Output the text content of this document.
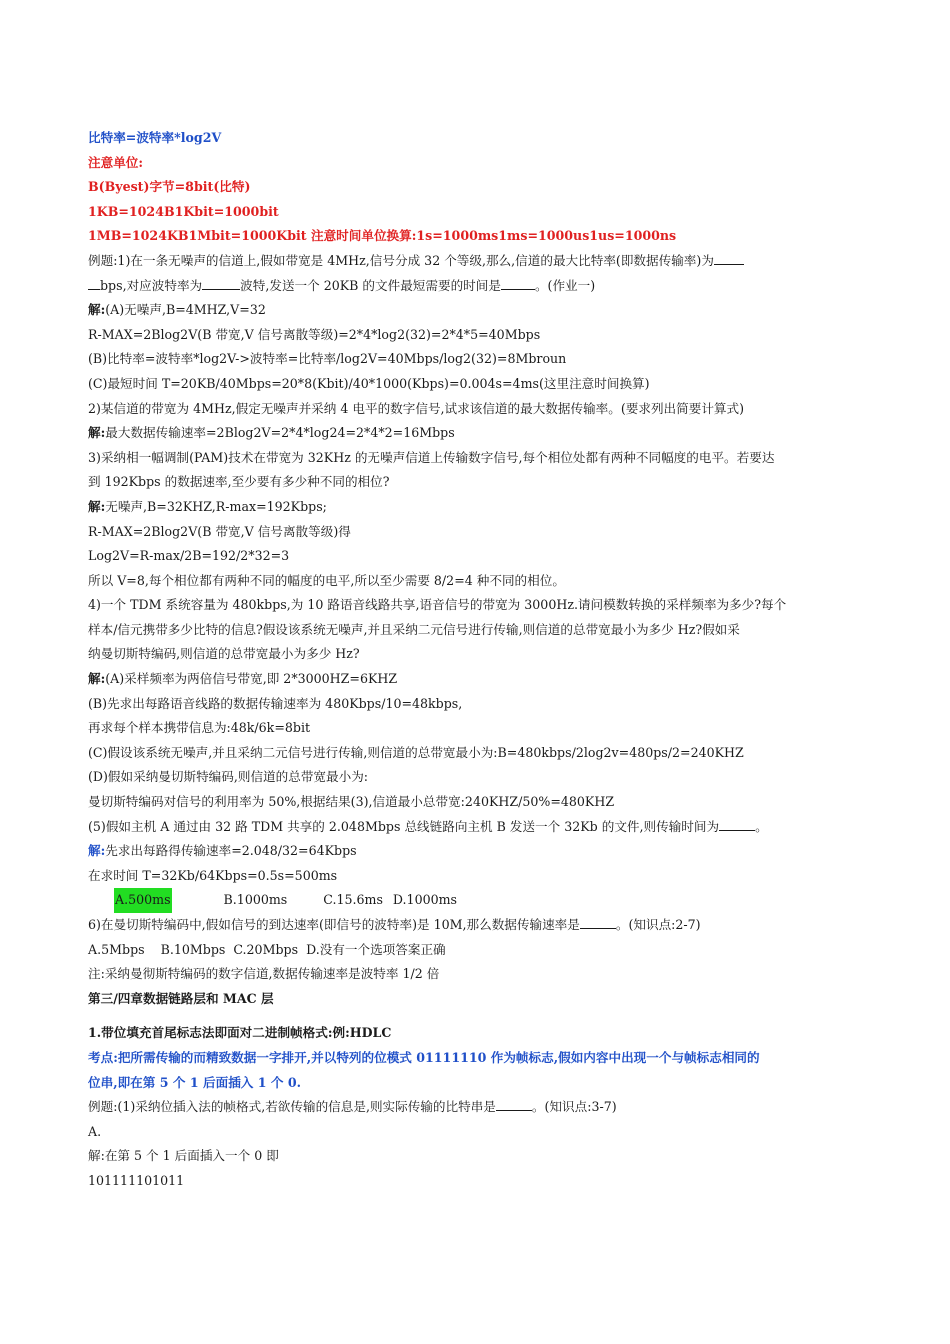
比特率=波特率*log2V
注意单位:
B(Byest)字节=8bit(比特)
1KB=1024B1Kbit=1000bit
1MB=1024KB1Mbit=1000Kbit 注意时间单位换算:1s=1000ms1ms=1000us1us=1000ns
例题:1)在一条无噪声的信道上,假如带宽是 4MHz,信号分成 32 个等级,那么,信道的最大比特率(即数据传输率)为
bps,对应波特率为	波特,发送一个 20KB 的文件最短需要的时间是	。(作业一)
解:(A)无噪声,B=4MHZ,V=32
R-MAX=2Blog2V(B 带宽,V 信号离散等级)=2*4*log2(32)=2*4*5=40Mbps
(B)比特率=波特率*log2V->波特率=比特率/log2V=40Mbps/log2(32)=8Mbroun
(C)最短时间 T=20KB/40Mbps=20*8(Kbit)/40*1000(Kbps)=0.004s=4ms(这里注意时间换算)
2)某信道的带宽为 4MHz,假定无噪声并采纳 4 电平的数字信号,试求该信道的最大数据传输率。(要求列出简要计算式)
解:最大数据传输速率=2Blog2V=2*4*log24=2*4*2=16Mbps
3)采纳相一幅调制(PAM)技术在带宽为 32KHz 的无噪声信道上传输数字信号,每个相位处都有两种不同幅度的电平。若要达
到 192Kbps 的数据速率,至少要有多少种不同的相位?
解:无噪声,B=32KHZ,R-max=192Kbps;
R-MAX=2Blog2V(B 带宽,V 信号离散等级)得
Log2V=R-max/2B=192/2*32=3
所以 V=8,每个相位都有两种不同的幅度的电平,所以至少需要 8/2=4 种不同的相位。
4)一个 TDM 系统容量为 480kbps,为 10 路语音线路共享,语音信号的带宽为 3000Hz.请问模数转换的采样频率为多少?每个
样本/信元携带多少比特的信息?假设该系统无噪声,并且采纳二元信号进行传输,则信道的总带宽最小为多少 Hz?假如采
纳曼切斯特编码,则信道的总带宽最小为多少 Hz?
解:(A)采样频率为两倍信号带宽,即 2*3000HZ=6KHZ
(B)先求出每路语音线路的数据传输速率为 480Kbps/10=48kbps,
再求每个样本携带信息为:48k/6k=8bit
(C)假设该系统无噪声,并且采纳二元信号进行传输,则信道的总带宽最小为:B=480kbps/2log2v=480ps/2=240KHZ
(D)假如采纳曼切斯特编码,则信道的总带宽最小为:
曼切斯特编码对信号的利用率为 50%,根据结果(3),信道最小总带宽:240KHZ/50%=480KHZ
(5)假如主机 A 通过由 32 路 TDM 共享的 2.048Mbps 总线链路向主机 B 发送一个 32Kb 的文件,则传输时间为	。
解:先求出每路得传输速率=2.048/32=64Kbps
在求时间 T=32Kb/64Kbps=0.5s=500ms
A.500ms	B.1000ms	C.15.6ms D.1000ms
6)在曼切斯特编码中,假如信号的到达速率(即信号的波特率)是 10M,那么数据传输速率是	。(知识点:2-7)
A.5Mbps B.10Mbps C.20Mbps D.没有一个选项答案正确
注:采纳曼彻斯特编码的数字信道,数据传输速率是波特率 1/2 倍
第三/四章数据链路层和 MAC 层
1.带位填充首尾标志法即面对二进制帧格式:例:HDLC
考点:把所需传输的而精致数据一字排开,并以特列的位模式 01111110 作为帧标志,假如内容中出现一个与帧标志相同的
位串,即在第 5 个 1 后面插入 1 个 0.
例题:(1)采纳位插入法的帧格式,若欲传输的信息是,则实际传输的比特串是	。(知识点:3-7)
A.
解:在第 5 个 1 后面插入一个 0 即
101111101011
